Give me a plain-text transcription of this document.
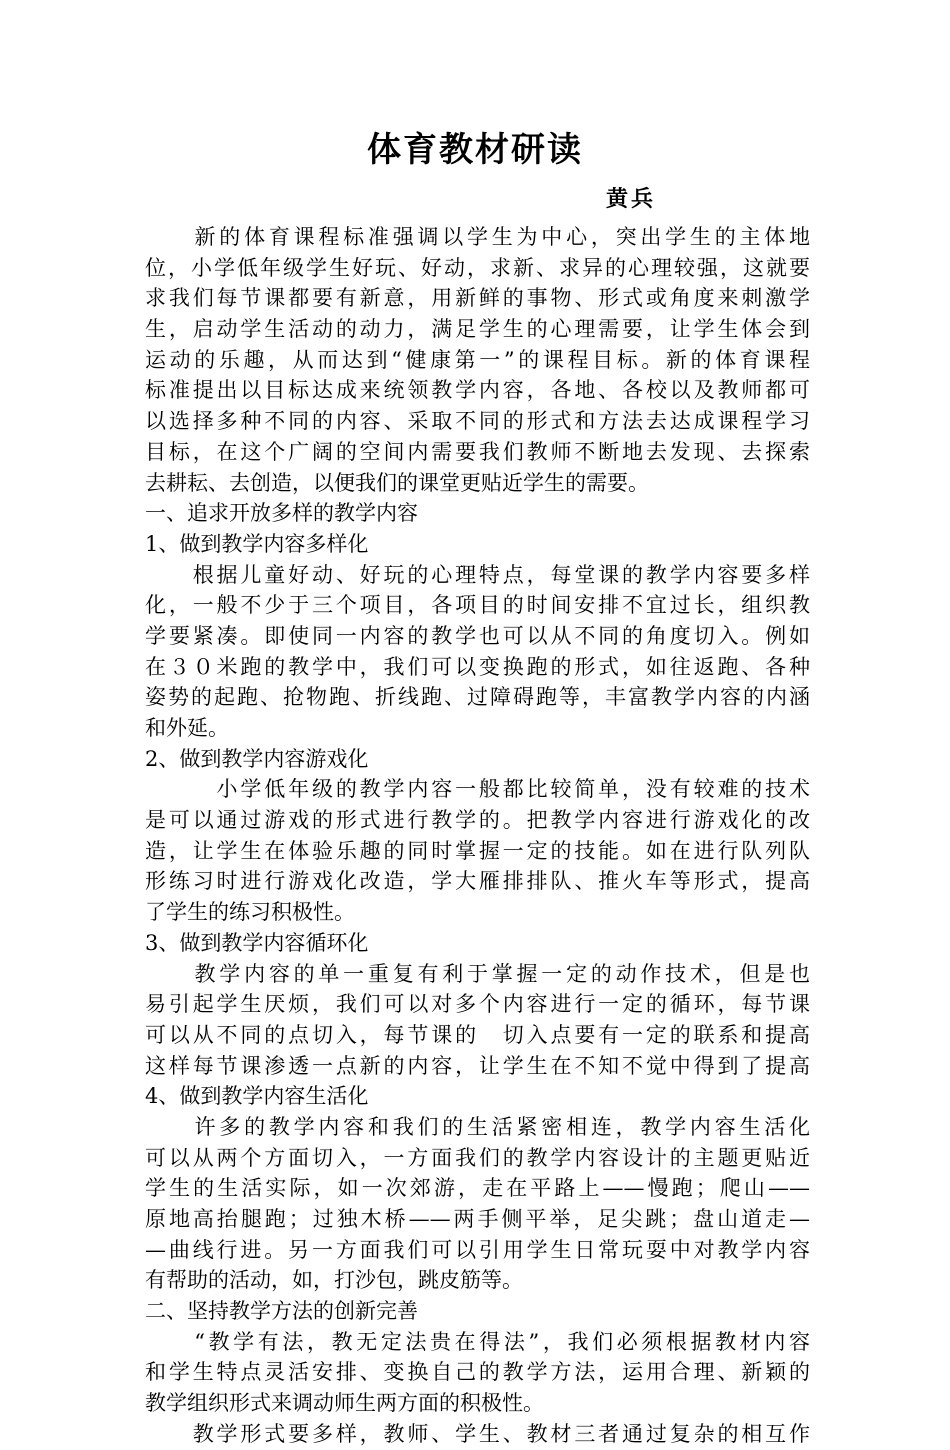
体育教材研读
黄兵
　　新的体育课程标准强调以学生为中心，突出学生的主体地
位，小学低年级学生好玩、好动，求新、求异的心理较强，这就要
求我们每节课都要有新意，用新鲜的事物、形式或角度来刺激学
生，启动学生活动的动力，满足学生的心理需要，让学生体会到
运动的乐趣，从而达到“健康第一”的课程目标。新的体育课程
标准提出以目标达成来统领教学内容，各地、各校以及教师都可
以选择多种不同的内容、采取不同的形式和方法去达成课程学习
目标，在这个广阔的空间内需要我们教师不断地去发现、去探索
去耕耘、去创造，以便我们的课堂更贴近学生的需要。
一、追求开放多样的教学内容
1、做到教学内容多样化
　　根据儿童好动、好玩的心理特点，每堂课的教学内容要多样
化，一般不少于三个项目，各项目的时间安排不宜过长，组织教
学要紧凑。即使同一内容的教学也可以从不同的角度切入。例如
在３０米跑的教学中，我们可以变换跑的形式，如往返跑、各种
姿势的起跑、抢物跑、折线跑、过障碍跑等，丰富教学内容的内涵
和外延。
2、做到教学内容游戏化
　　　小学低年级的教学内容一般都比较简单，没有较难的技术
是可以通过游戏的形式进行教学的。把教学内容进行游戏化的改
造，让学生在体验乐趣的同时掌握一定的技能。如在进行队列队
形练习时进行游戏化改造，学大雁排排队、推火车等形式，提高
了学生的练习积极性。
3、做到教学内容循环化
　　教学内容的单一重复有利于掌握一定的动作技术，但是也
易引起学生厌烦，我们可以对多个内容进行一定的循环，每节课
可以从不同的点切入，每节课的　切入点要有一定的联系和提高
这样每节课渗透一点新的内容，让学生在不知不觉中得到了提高
4、做到教学内容生活化
　　许多的教学内容和我们的生活紧密相连，教学内容生活化
可以从两个方面切入，一方面我们的教学内容设计的主题更贴近
学生的生活实际，如一次郊游，走在平路上——慢跑；爬山——
原地高抬腿跑；过独木桥——两手侧平举，足尖跳；盘山道走—
—曲线行进。另一方面我们可以引用学生日常玩耍中对教学内容
有帮助的活动，如，打沙包，跳皮筋等。
二、坚持教学方法的创新完善
　　“教学有法，教无定法贵在得法”，我们必须根据教材内容
和学生特点灵活安排、变换自己的教学方法，运用合理、新颖的
教学组织形式来调动师生两方面的积极性。
　　教学形式要多样，教师、学生、教材三者通过复杂的相互作
